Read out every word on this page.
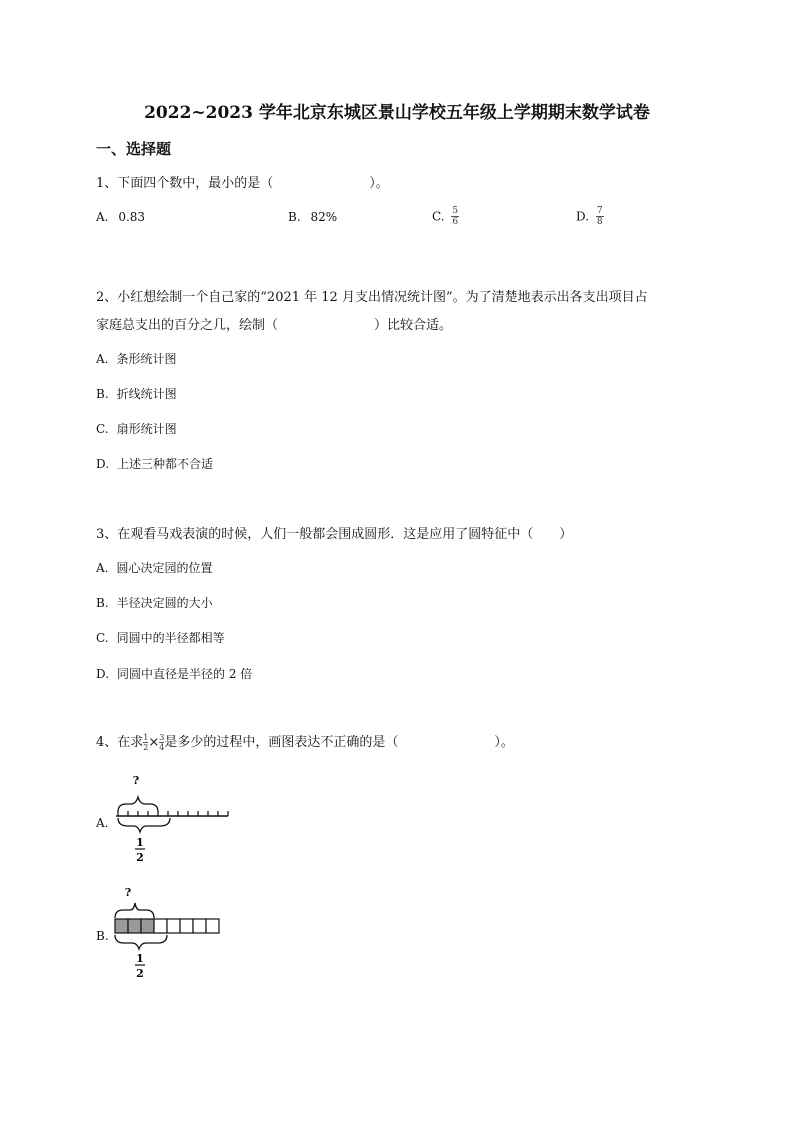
2022~2023 学年北京东城区景山学校五年级上学期期末数学试卷
一、选择题
1、下面四个数中，最小的是（	）。
A. 0.83	B. 82%	C. $\frac{5}{6}$	D. $\frac{7}{8}$
2、小红想绘制一个自己家的“2021 年 12 月支出情况统计图”。为了清楚地表示出各支出项目占
家庭总支出的百分之几，绘制（	）比较合适。
A. 条形统计图
B. 折线统计图
C. 扇形统计图
D. 上述三种都不合适
3、在观看马戏表演的时候，人们一般都会围成圆形．这是应用了圆特征中（　　）
A. 圆心决定园的位置
B. 半径决定圆的大小
C. 同圆中的半径都相等
D. 同圆中直径是半径的 2 倍
4、在求 $\frac{1}{2}\times \frac{3}{4}$是多少的过程中，画图表达不正确的是（	）。
A.
?
1
2
B.
?
1
2
